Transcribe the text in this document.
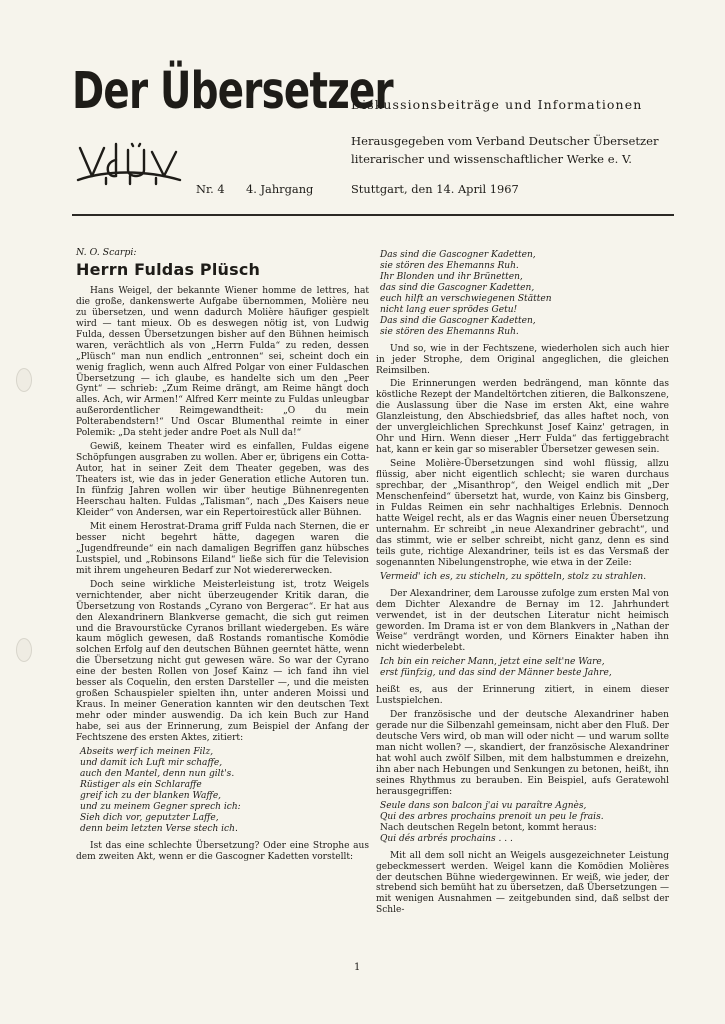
Der Übersetzer
Diskussionsbeiträge und Informationen
Herausgegeben vom Verband Deutscher Übersetzer
literarischer und wissenschaftlicher Werke e. V.
Nr. 4 4. Jahrgang	Stuttgart, den 14. April 1967
N. O. Scarpi:
Herrn Fuldas Plüsch

Hans Weigel, der bekannte Wiener homme de lettres, hat die große, dankenswerte Aufgabe übernommen, Molière neu zu übersetzen, und wenn dadurch Molière häufiger gespielt wird — tant mieux. Ob es deswegen nötig ist, von Ludwig Fulda, dessen Übersetzungen bisher auf den Bühnen heimisch waren, verächtlich als von „Herrn Fulda“ zu reden, dessen „Plüsch“ man nun endlich „entronnen“ sei, scheint doch ein wenig fraglich, wenn auch Alfred Polgar von einer Fuldaschen Übersetzung — ich glaube, es handelte sich um den „Peer Gynt“ — schrieb: „Zum Reime drängt, am Reime hängt doch alles. Ach, wir Armen!“ Alfred Kerr meinte zu Fuldas unleugbar außerordentlicher Reimgewandtheit: „O du mein Polterabendstern!“ Und Oscar Blumenthal reimte in einer Polemik: „Da steht jeder andre Poet als Null da!“

Gewiß, keinem Theater wird es einfallen, Fuldas eigene Schöpfungen ausgraben zu wollen. Aber er, übrigens ein Cotta-Autor, hat in seiner Zeit dem Theater gegeben, was des Theaters ist, wie das in jeder Generation etliche Autoren tun. In fünfzig Jahren wollen wir über heutige Bühnenregenten Heerschau halten. Fuldas „Talisman“, nach „Des Kaisers neue Kleider“ von Andersen, war ein Repertoirestück aller Bühnen.

Mit einem Herostrat-Drama griff Fulda nach Sternen, die er besser nicht begehrt hätte, dagegen waren die „Jugendfreunde“ ein nach damaligen Begriffen ganz hübsches Lustspiel, und „Robinsons Eiland“ ließe sich für die Television mit ihrem ungeheuren Bedarf zur Not wiedererwecken.

Doch seine wirkliche Meisterleistung ist, trotz Weigels vernichtender, aber nicht überzeugender Kritik daran, die Übersetzung von Rostands „Cyrano von Bergerac“. Er hat aus den Alexandrinern Blankverse gemacht, die sich gut reimen und die Bravourstücke Cyranos brillant wiedergeben. Es wäre kaum möglich gewesen, daß Rostands romantische Komödie solchen Erfolg auf den deutschen Bühnen geerntet hätte, wenn die Übersetzung nicht gut gewesen wäre. So war der Cyrano eine der besten Rollen von Josef Kainz — ich fand ihn viel besser als Coquelin, den ersten Darsteller —, und die meisten großen Schauspieler spielten ihn, unter anderen Moissi und Kraus. In meiner Generation kannten wir den deutschen Text mehr oder minder auswendig. Da ich kein Buch zur Hand habe, sei aus der Erinnerung, zum Beispiel der Anfang der Fechtszene des ersten Aktes, zitiert:

Abseits werf ich meinen Filz,
und damit ich Luft mir schaffe,
auch den Mantel, denn nun gilt's.
Rüstiger als ein Schlaraffe
greif ich zu der blanken Waffe,
und zu meinem Gegner sprech ich:
Sieh dich vor, geputzter Laffe,
denn beim letzten Verse stech ich.

Ist das eine schlechte Übersetzung? Oder eine Strophe aus dem zweiten Akt, wenn er die Gascogner Kadetten vorstellt:

Das sind die Gascogner Kadetten,
sie stören des Ehemanns Ruh.
Ihr Blonden und ihr Brünetten,
das sind die Gascogner Kadetten,
euch hilft an verschwiegenen Stätten
nicht lang euer sprödes Getu!
Das sind die Gascogner Kadetten,
sie stören des Ehemanns Ruh.

Und so, wie in der Fechtszene, wiederholen sich auch hier in jeder Strophe, dem Original angeglichen, die gleichen Reimsilben.

Die Erinnerungen werden bedrängend, man könnte das köstliche Rezept der Mandeltörtchen zitieren, die Balkonszene, die Auslassung über die Nase im ersten Akt, eine wahre Glanzleistung, den Abschiedsbrief, das alles haftet noch, von der unvergleichlichen Sprechkunst Josef Kainz' getragen, in Ohr und Hirn. Wenn dieser „Herr Fulda“ das fertiggebracht hat, kann er kein gar so miserabler Übersetzer gewesen sein.

Seine Molière-Übersetzungen sind wohl flüssig, allzu flüssig, aber nicht eigentlich schlecht; sie waren durchaus sprechbar, der „Misanthrop“, den Weigel endlich mit „Der Menschenfeind“ übersetzt hat, wurde, von Kainz bis Ginsberg, in Fuldas Reimen ein sehr nachhaltiges Erlebnis. Dennoch hatte Weigel recht, als er das Wagnis einer neuen Übersetzung unternahm. Er schreibt „in neue Alexandriner gebracht“, und das stimmt, wie er selber schreibt, nicht ganz, denn es sind teils gute, richtige Alexandriner, teils ist es das Versmaß der sogenannten Nibelungenstrophe, wie etwa in der Zeile:

Vermeid' ich es, zu sticheln, zu spötteln, stolz zu strahlen.

Der Alexandriner, dem Larousse zufolge zum ersten Mal von dem Dichter Alexandre de Bernay im 12. Jahrhundert verwendet, ist in der deutschen Literatur nicht heimisch geworden. Im Drama ist er von dem Blankvers in „Nathan der Weise“ verdrängt worden, und Körners Einakter haben ihn nicht wiederbelebt.

Ich bin ein reicher Mann, jetzt eine selt'ne Ware,
erst fünfzig, und das sind der Männer beste Jahre,

heißt es, aus der Erinnerung zitiert, in einem dieser Lustspielchen.

Der französische und der deutsche Alexandriner haben gerade nur die Silbenzahl gemeinsam, nicht aber den Fluß. Der deutsche Vers wird, ob man will oder nicht — und warum sollte man nicht wollen? —, skandiert, der französische Alexandriner hat wohl auch zwölf Silben, mit dem halbstummen e dreizehn, ihn aber nach Hebungen und Senkungen zu betonen, heißt, ihn seines Rhythmus zu berauben. Ein Beispiel, aufs Geratewohl herausgegriffen:

Seule dans son balcon j'ai vu paraître Agnès,
Qui des arbres prochains prenoit un peu le frais.
Nach deutschen Regeln betont, kommt heraus:
Qui dés arbrés prochains . . .

Mit all dem soll nicht an Weigels ausgezeichneter Leistung gebeckmessert werden. Weigel kann die Komödien Molières der deutschen Bühne wiedergewinnen. Er weiß, wie jeder, der strebend sich bemüht hat zu übersetzen, daß Übersetzungen — mit wenigen Ausnahmen — zeitgebunden sind, daß selbst der Schle-

1
